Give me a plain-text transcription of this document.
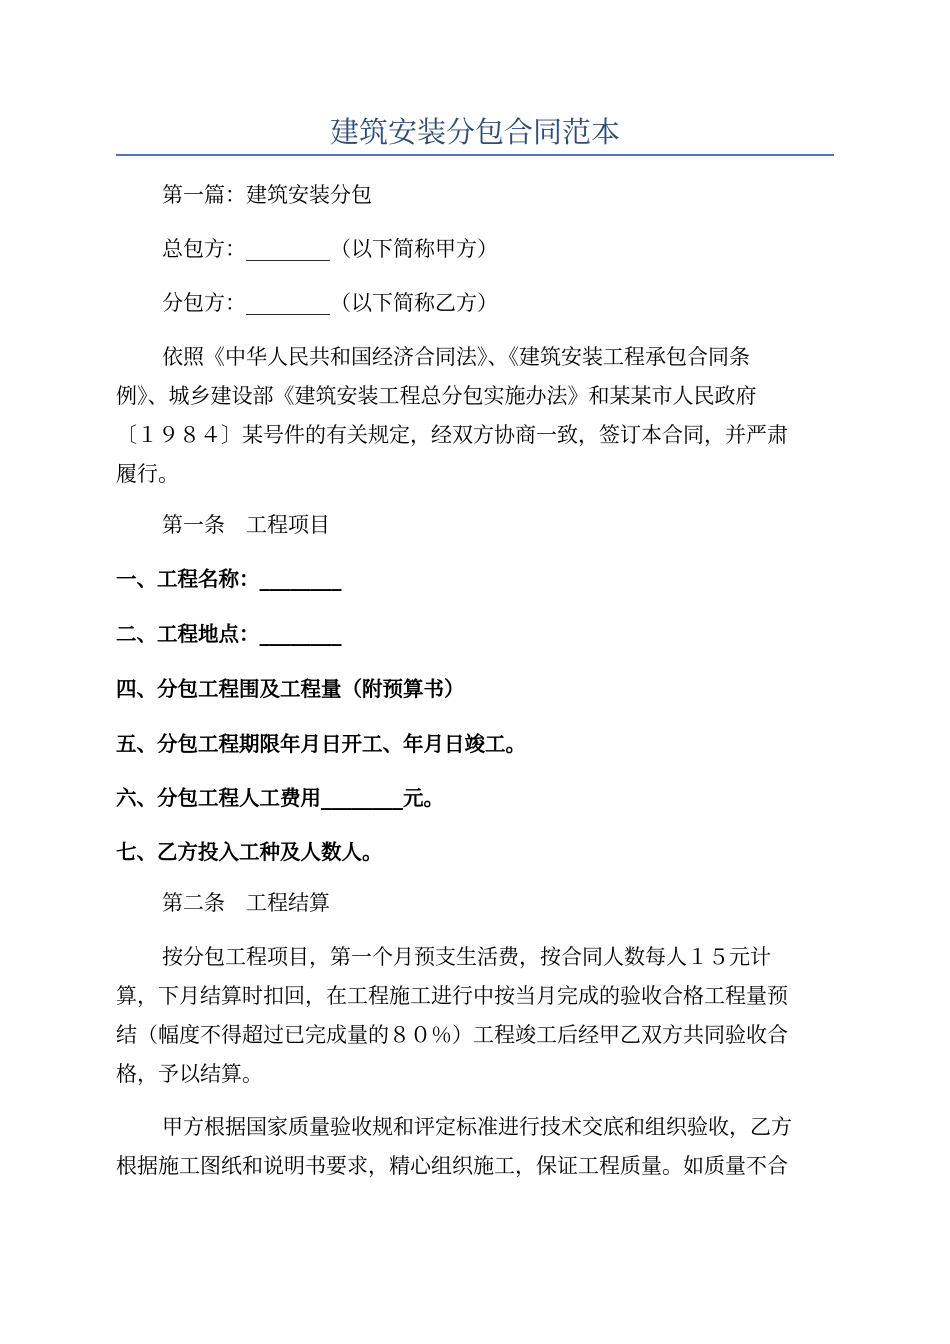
建筑安装分包合同范本
第一篇：建筑安装分包
总包方：________（以下简称甲方）
分包方：________（以下简称乙方）
依照《中华人民共和国经济合同法》、《建筑安装工程承包合同条
例》、城乡建设部《建筑安装工程总分包实施办法》和某某市人民政府
〔１９８４〕某号件的有关规定，经双方协商一致，签订本合同，并严肃
履行。
第一条　工程项目
一、工程名称：________
二、工程地点：________
四、分包工程围及工程量（附预算书）
五、分包工程期限年月日开工、年月日竣工。
六、分包工程人工费用________元。
七、乙方投入工种及人数人。
第二条　工程结算
按分包工程项目，第一个月预支生活费，按合同人数每人１５元计
算，下月结算时扣回，在工程施工进行中按当月完成的验收合格工程量预
结（幅度不得超过已完成量的８０％）工程竣工后经甲乙双方共同验收合
格，予以结算。
甲方根据国家质量验收规和评定标准进行技术交底和组织验收，乙方
根据施工图纸和说明书要求，精心组织施工，保证工程质量。如质量不合
